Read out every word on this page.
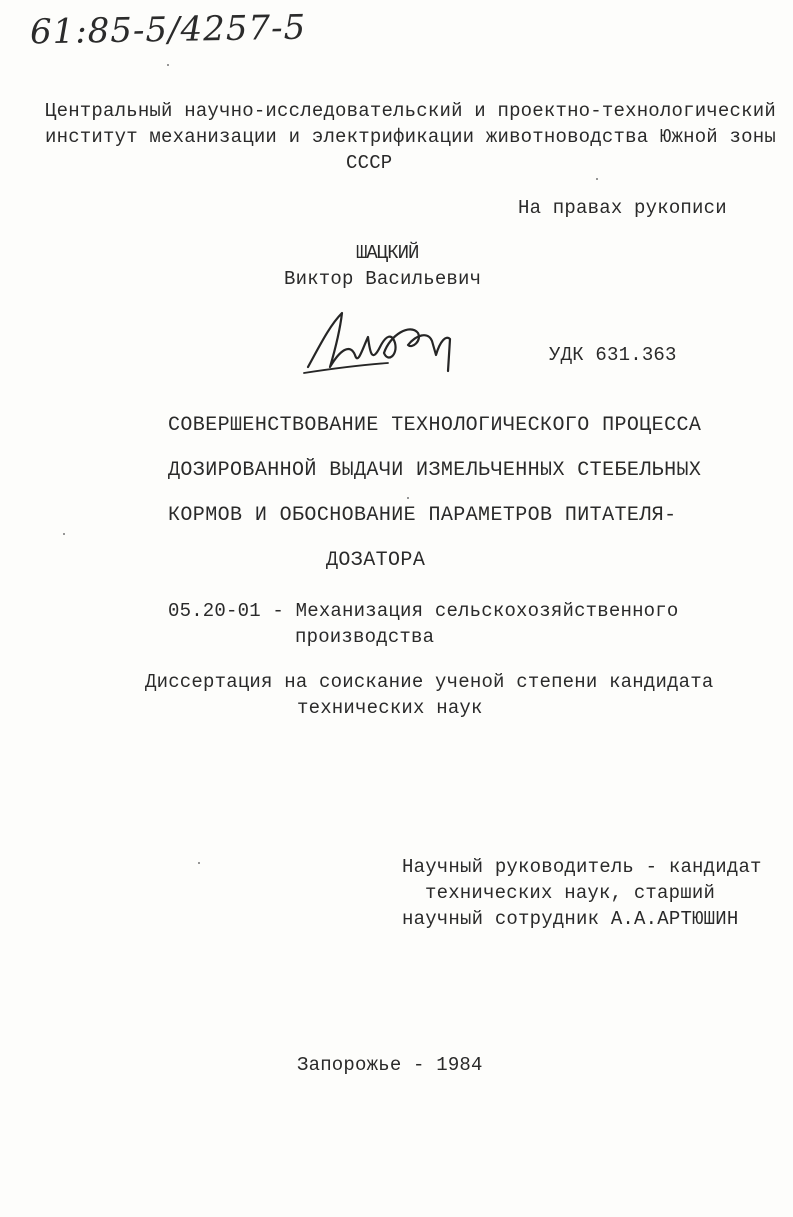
61:85-5/4257-5
Центральный научно-исследовательский и проектно-технологический
институт механизации и электрификации животноводства Южной зоны
СССР
На правах рукописи
ШАЦКИЙ
Виктор Васильевич
УДК 631.363
СОВЕРШЕНСТВОВАНИЕ ТЕХНОЛОГИЧЕСКОГО ПРОЦЕССА
ДОЗИРОВАННОЙ ВЫДАЧИ ИЗМЕЛЬЧЕННЫХ СТЕБЕЛЬНЫХ
КОРМОВ И ОБОСНОВАНИЕ ПАРАМЕТРОВ ПИТАТЕЛЯ-
ДОЗАТОРА
05.20-01 - Механизация сельскохозяйственного
производства
Диссертация на соискание ученой степени кандидата
технических наук
Научный руководитель - кандидат
технических наук, старший
научный сотрудник А.А.АРТЮШИН
Запорожье - 1984
